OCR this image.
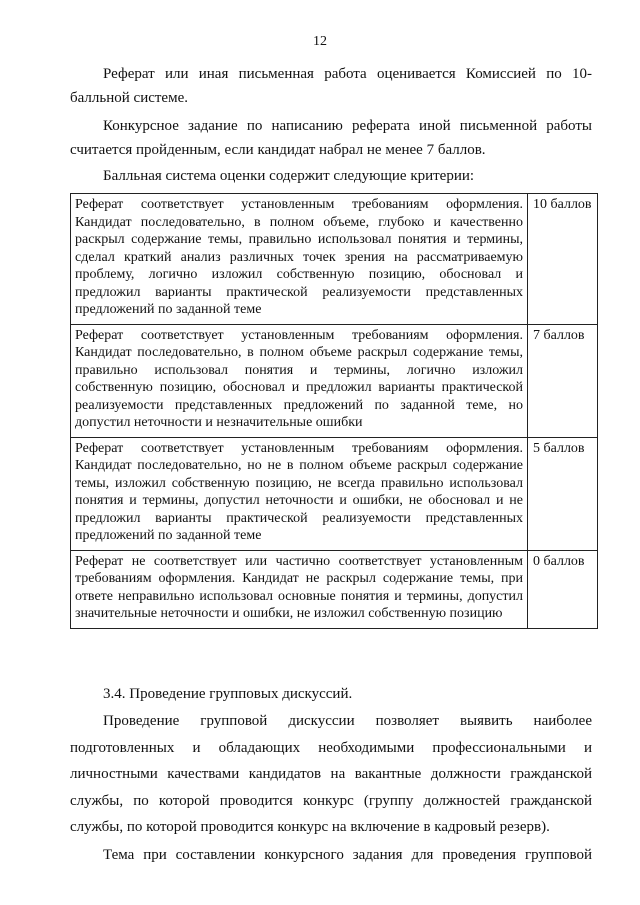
12
Реферат или иная письменная работа оценивается Комиссией по 10-балльной системе.
Конкурсное задание по написанию реферата иной письменной работы считается пройденным, если кандидат набрал не менее 7 баллов.
Балльная система оценки содержит следующие критерии:
Реферат соответствует установленным требованиям оформления. Кандидат последовательно, в полном объеме, глубоко и качественно раскрыл содержание темы, правильно использовал понятия и термины, сделал краткий анализ различных точек зрения на рассматриваемую проблему, логично изложил собственную позицию, обосновал и предложил варианты практической реализуемости представленных предложений по заданной теме	10 баллов
Реферат соответствует установленным требованиям оформления. Кандидат последовательно, в полном объеме раскрыл содержание темы, правильно использовал понятия и термины, логично изложил собственную позицию, обосновал и предложил варианты практической реализуемости представленных предложений по заданной теме, но допустил неточности и незначительные ошибки	7 баллов
Реферат соответствует установленным требованиям оформления. Кандидат последовательно, но не в полном объеме раскрыл содержание темы, изложил собственную позицию, не всегда правильно использовал понятия и термины, допустил неточности и ошибки, не обосновал и не предложил варианты практической реализуемости представленных предложений по заданной теме	5 баллов
Реферат не соответствует или частично соответствует установленным требованиям оформления. Кандидат не раскрыл содержание темы, при ответе неправильно использовал основные понятия и термины, допустил значительные неточности и ошибки, не изложил собственную позицию	0 баллов
3.4. Проведение групповых дискуссий.
Проведение групповой дискуссии позволяет выявить наиболее подготовленных и обладающих необходимыми профессиональными и личностными качествами кандидатов на вакантные должности гражданской службы, по которой проводится конкурс (группу должностей гражданской службы, по которой проводится конкурс на включение в кадровый резерв).
Тема при составлении конкурсного задания для проведения групповой
